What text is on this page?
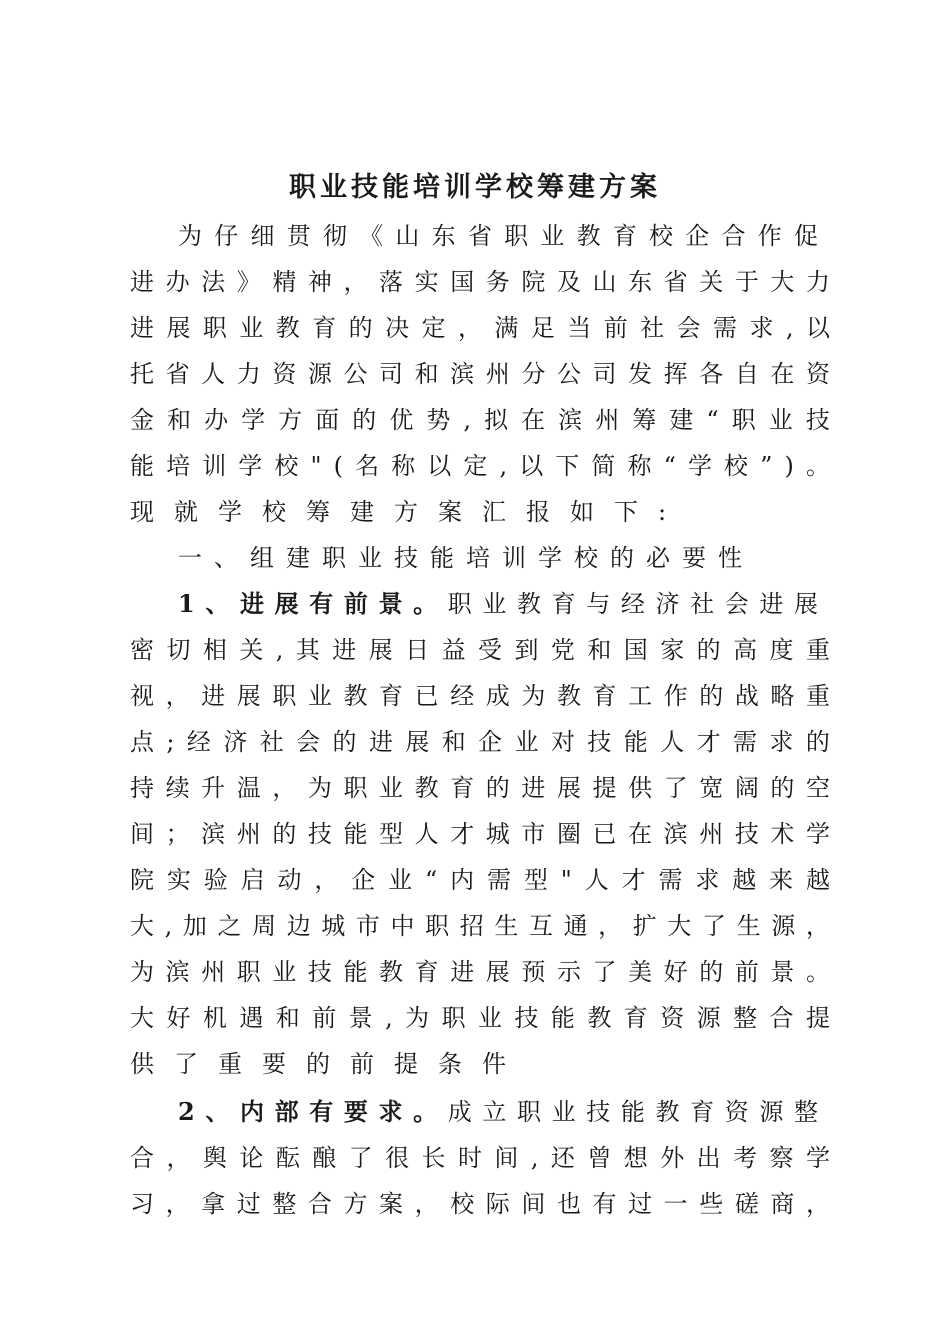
职业技能培训学校筹建方案
为 仔 细 贯 彻 《 山 东 省 职 业 教 育 校 企 合 作 促
进 办 法 》 精 神 ， 落 实 国 务 院 及 山 东 省 关 于 大 力
进 展 职 业 教 育 的 决 定 ， 满 足 当 前 社 会 需 求 , 以
托 省 人 力 资 源 公 司 和 滨 州 分 公 司 发 挥 各 自 在 资
金 和 办 学 方 面 的 优 势 , 拟 在 滨 州 筹 建 “ 职 业 技
能 培 训 学 校 " ( 名 称 以 定 , 以 下 简 称 “ 学 校 ” ) 。
现 就 学 校 筹 建 方 案 汇 报 如 下 :
一 、 组 建 职 业 技 能 培 训 学 校 的 必 要 性
1 、 进 展 有 前 景 。 职 业 教 育 与 经 济 社 会 进 展
密 切 相 关 , 其 进 展 日 益 受 到 党 和 国 家 的 高 度 重
视 ， 进 展 职 业 教 育 已 经 成 为 教 育 工 作 的 战 略 重
点 ; 经 济 社 会 的 进 展 和 企 业 对 技 能 人 才 需 求 的
持 续 升 温 ， 为 职 业 教 育 的 进 展 提 供 了 宽 阔 的 空
间 ； 滨 州 的 技 能 型 人 才 城 市 圈 已 在 滨 州 技 术 学
院 实 验 启 动 ， 企 业 “ 内 需 型 " 人 才 需 求 越 来 越
大 , 加 之 周 边 城 市 中 职 招 生 互 通 ， 扩 大 了 生 源 ，
为 滨 州 职 业 技 能 教 育 进 展 预 示 了 美 好 的 前 景 。
大 好 机 遇 和 前 景 , 为 职 业 技 能 教 育 资 源 整 合 提
供 了 重 要 的 前 提 条 件
2 、 内 部 有 要 求 。 成 立 职 业 技 能 教 育 资 源 整
合 ， 舆 论 酝 酿 了 很 长 时 间 , 还 曾 想 外 出 考 察 学
习 ， 拿 过 整 合 方 案 ， 校 际 间 也 有 过 一 些 磋 商 ，
